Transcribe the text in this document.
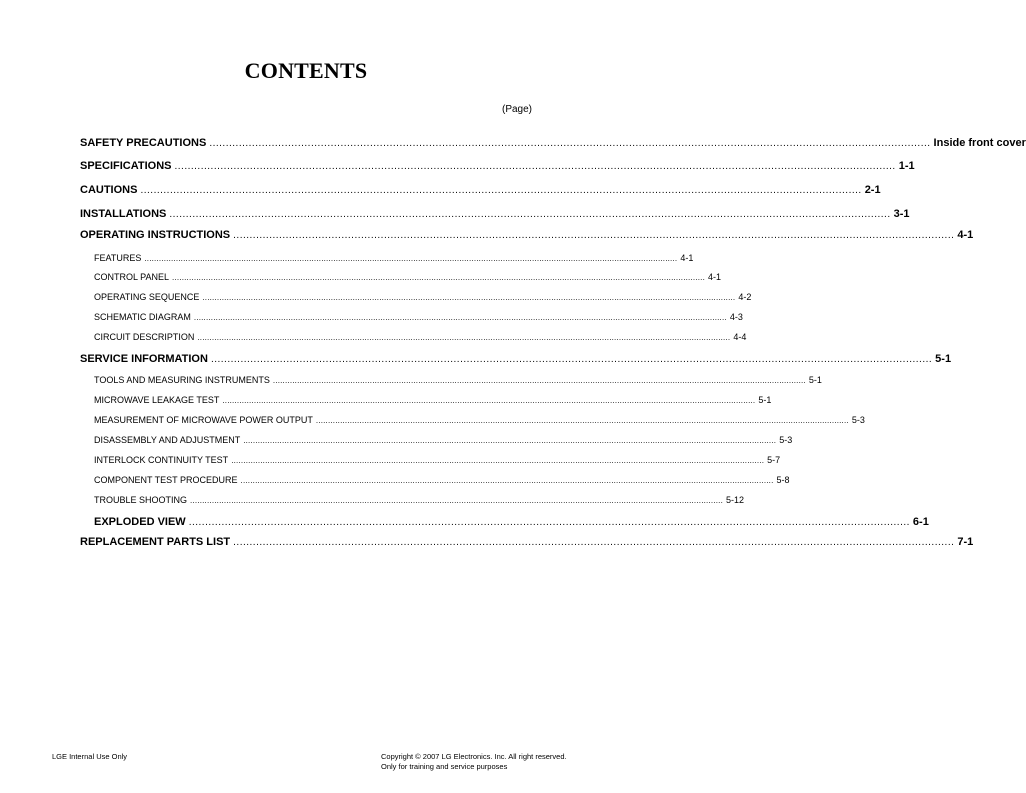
CONTENTS
(Page)
SAFETY PRECAUTIONS ............................................................................................................................................................................................................................ Inside front cover
SPECIFICATIONS ............................................................................................................................................................................................................................ 1-1
CAUTIONS ............................................................................................................................................................................................................................ 2-1
INSTALLATIONS ............................................................................................................................................................................................................................ 3-1
OPERATING INSTRUCTIONS ............................................................................................................................................................................................................................ 4-1
FEATURES ............................................................................................................................................................................................................................ 4-1
CONTROL PANEL ............................................................................................................................................................................................................................ 4-1
OPERATING SEQUENCE ............................................................................................................................................................................................................................ 4-2
SCHEMATIC DIAGRAM ............................................................................................................................................................................................................................ 4-3
CIRCUIT DESCRIPTION ............................................................................................................................................................................................................................ 4-4
SERVICE INFORMATION ............................................................................................................................................................................................................................ 5-1
TOOLS AND MEASURING INSTRUMENTS ............................................................................................................................................................................................................................ 5-1
MICROWAVE LEAKAGE TEST ............................................................................................................................................................................................................................ 5-1
MEASUREMENT OF MICROWAVE POWER OUTPUT ............................................................................................................................................................................................................................ 5-3
DISASSEMBLY AND ADJUSTMENT ............................................................................................................................................................................................................................ 5-3
INTERLOCK CONTINUITY TEST ............................................................................................................................................................................................................................ 5-7
COMPONENT TEST PROCEDURE ............................................................................................................................................................................................................................ 5-8
TROUBLE SHOOTING ............................................................................................................................................................................................................................ 5-12
EXPLODED VIEW ............................................................................................................................................................................................................................ 6-1
REPLACEMENT PARTS LIST ............................................................................................................................................................................................................................ 7-1
LGE Internal Use Only	Copyright © 2007 LG Electronics. Inc. All right reserved.
Only for training and service purposes
